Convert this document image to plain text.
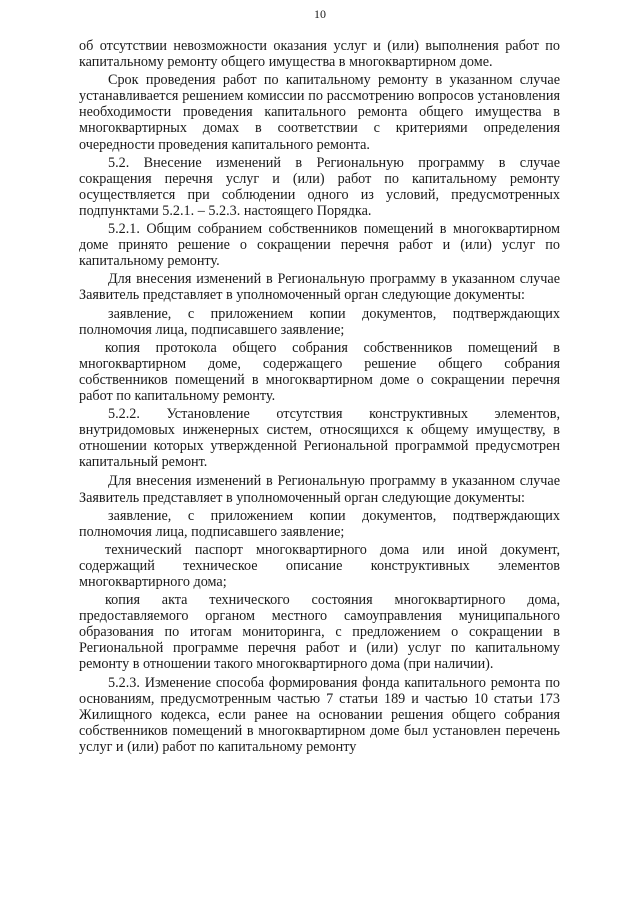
10

об отсутствии невозможности оказания услуг и (или) выполнения работ по капитальному ремонту общего имущества в многоквартирном доме.

Срок проведения работ по капитальному ремонту в указанном случае устанавливается решением комиссии по рассмотрению вопросов установления необходимости проведения капитального ремонта общего имущества в многоквартирных домах в соответствии с критериями определения очередности проведения капитального ремонта.

5.2. Внесение изменений в Региональную программу в случае сокращения перечня услуг и (или) работ по капитальному ремонту осуществляется при соблюдении одного из условий, предусмотренных подпунктами 5.2.1. – 5.2.3. настоящего Порядка.

5.2.1. Общим собранием собственников помещений в многоквартирном доме принято решение о сокращении перечня работ и (или) услуг по капитальному ремонту.

Для внесения изменений в Региональную программу в указанном случае Заявитель представляет в уполномоченный орган следующие документы:

заявление, с приложением копии документов, подтверждающих полномочия лица, подписавшего заявление;

копия протокола общего собрания собственников помещений в многоквартирном доме, содержащего решение общего собрания собственников помещений в многоквартирном доме о сокращении перечня работ по капитальному ремонту.

5.2.2. Установление отсутствия конструктивных элементов, внутридомовых инженерных систем, относящихся к общему имуществу, в отношении которых утвержденной Региональной программой предусмотрен капитальный ремонт.

Для внесения изменений в Региональную программу в указанном случае Заявитель представляет в уполномоченный орган следующие документы:

заявление, с приложением копии документов, подтверждающих полномочия лица, подписавшего заявление;

технический паспорт многоквартирного дома или иной документ, содержащий техническое описание конструктивных элементов многоквартирного дома;

копия акта технического состояния многоквартирного дома, предоставляемого органом местного самоуправления муниципального образования по итогам мониторинга, с предложением о сокращении в Региональной программе перечня работ и (или) услуг по капитальному ремонту в отношении такого многоквартирного дома (при наличии).

5.2.3. Изменение способа формирования фонда капитального ремонта по основаниям, предусмотренным частью 7 статьи 189 и частью 10 статьи 173 Жилищного кодекса, если ранее на основании решения общего собрания собственников помещений в многоквартирном доме был установлен перечень услуг и (или) работ по капитальному ремонту
